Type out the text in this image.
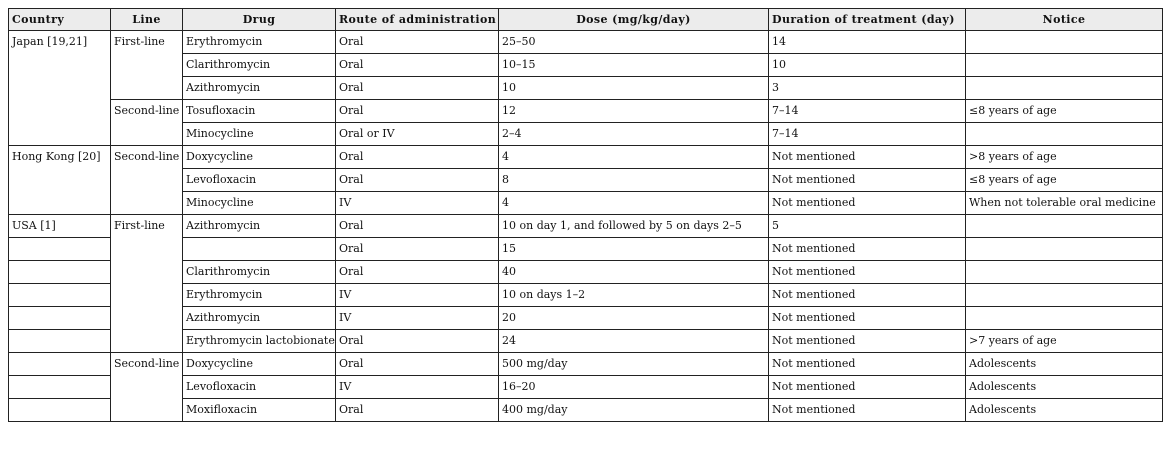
Country	Line	Drug	Route of administration	Dose (mg/kg/day)	Duration of treatment (day)	Notice
Japan [19,21]	First-line	Erythromycin	Oral	25–50	14	
		Clarithromycin	Oral	10–15	10	
		Azithromycin	Oral	10	3	
	Second-line	Tosufloxacin	Oral	12	7–14	≤8 years of age
		Minocycline	Oral or IV	2–4	7–14	
Hong Kong [20]	Second-line	Doxycycline	Oral	4	Not mentioned	>8 years of age
		Levofloxacin	Oral	8	Not mentioned	≤8 years of age
		Minocycline	IV	4	Not mentioned	When not tolerable oral medicine
USA [1]	First-line	Azithromycin	Oral	10 on day 1, and followed by 5 on days 2–5	5	
			Oral	15	Not mentioned	
		Clarithromycin	Oral	40	Not mentioned	
		Erythromycin	IV	10 on days 1–2	Not mentioned	
		Azithromycin	IV	20	Not mentioned	
		Erythromycin lactobionate	Oral	24	Not mentioned	>7 years of age
	Second-line	Doxycycline	Oral	500 mg/day	Not mentioned	Adolescents
		Levofloxacin	IV	16–20	Not mentioned	Adolescents
		Moxifloxacin	Oral	400 mg/day	Not mentioned	Adolescents
